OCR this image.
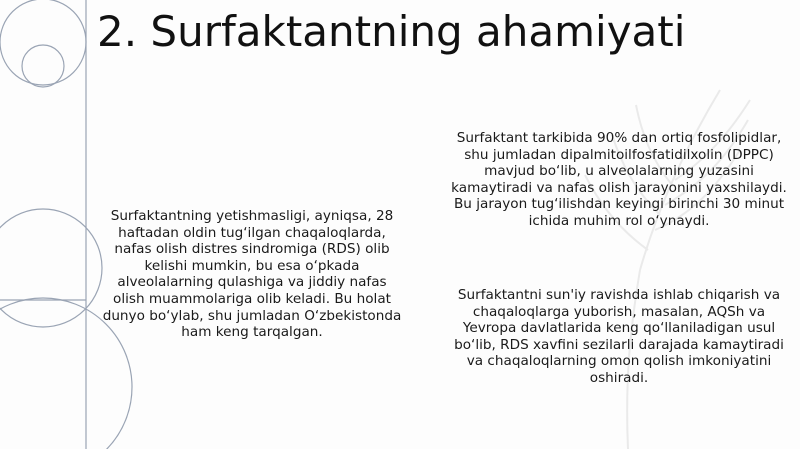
2. Surfaktantning ahamiyati

Surfaktantning yetishmasligi, ayniqsa, 28 haftadan oldin tug‘ilgan chaqaloqlarda, nafas olish distres sindromiga (RDS) olib kelishi mumkin, bu esa o‘pkada alveolalarning qulashiga va jiddiy nafas olish muammolariga olib keladi. Bu holat dunyo bo‘ylab, shu jumladan O‘zbekistonda ham keng tarqalgan.

Surfaktant tarkibida 90% dan ortiq fosfolipidlar, shu jumladan dipalmitoilfosfatidilxolin (DPPC) mavjud bo‘lib, u alveolalarning yuzasini kamaytiradi va nafas olish jarayonini yaxshilaydi. Bu jarayon tug‘ilishdan keyingi birinchi 30 minut ichida muhim rol o‘ynaydi.

Surfaktantni sun'iy ravishda ishlab chiqarish va chaqaloqlarga yuborish, masalan, AQSh va Yevropa davlatlarida keng qo‘llaniladigan usul bo‘lib, RDS xavfini sezilarli darajada kamaytiradi va chaqaloqlarning omon qolish imkoniyatini oshiradi.
